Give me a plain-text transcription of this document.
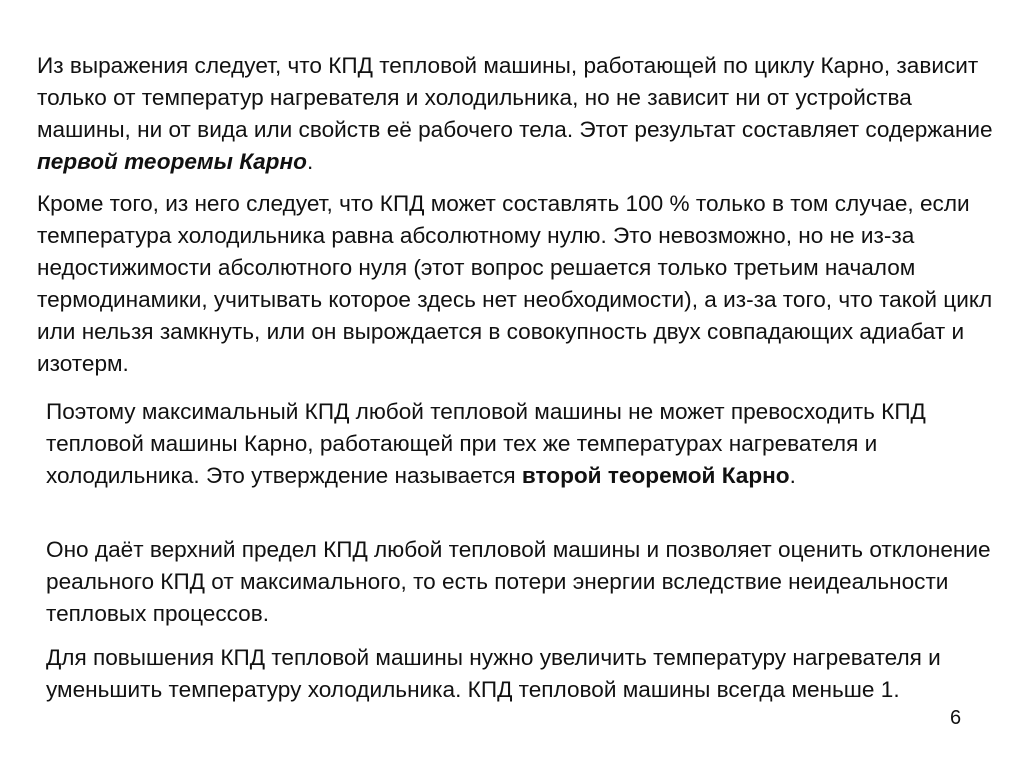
Из выражения следует, что КПД тепловой машины, работающей по циклу Карно, зависит только от температур нагревателя и холодильника, но не зависит ни от устройства машины, ни от вида или свойств её рабочего тела. Этот результат составляет содержание первой теоремы Карно.

Кроме того, из него следует, что КПД может составлять 100 % только в том случае, если температура холодильника равна абсолютному нулю. Это невозможно, но не из-за недостижимости абсолютного нуля (этот вопрос решается только третьим началом термодинамики, учитывать которое здесь нет необходимости), а из-за того, что такой цикл или нельзя замкнуть, или он вырождается в совокупность двух совпадающих адиабат и изотерм.

Поэтому максимальный КПД любой тепловой машины не может превосходить КПД тепловой машины Карно, работающей при тех же температурах нагревателя и холодильника. Это утверждение называется второй теоремой Карно.

Оно даёт верхний предел КПД любой тепловой машины и позволяет оценить отклонение реального КПД от максимального, то есть потери энергии вследствие неидеальности тепловых процессов.

Для повышения КПД тепловой машины нужно увеличить температуру нагревателя и уменьшить температуру холодильника. КПД тепловой машины всегда меньше 1.

6
